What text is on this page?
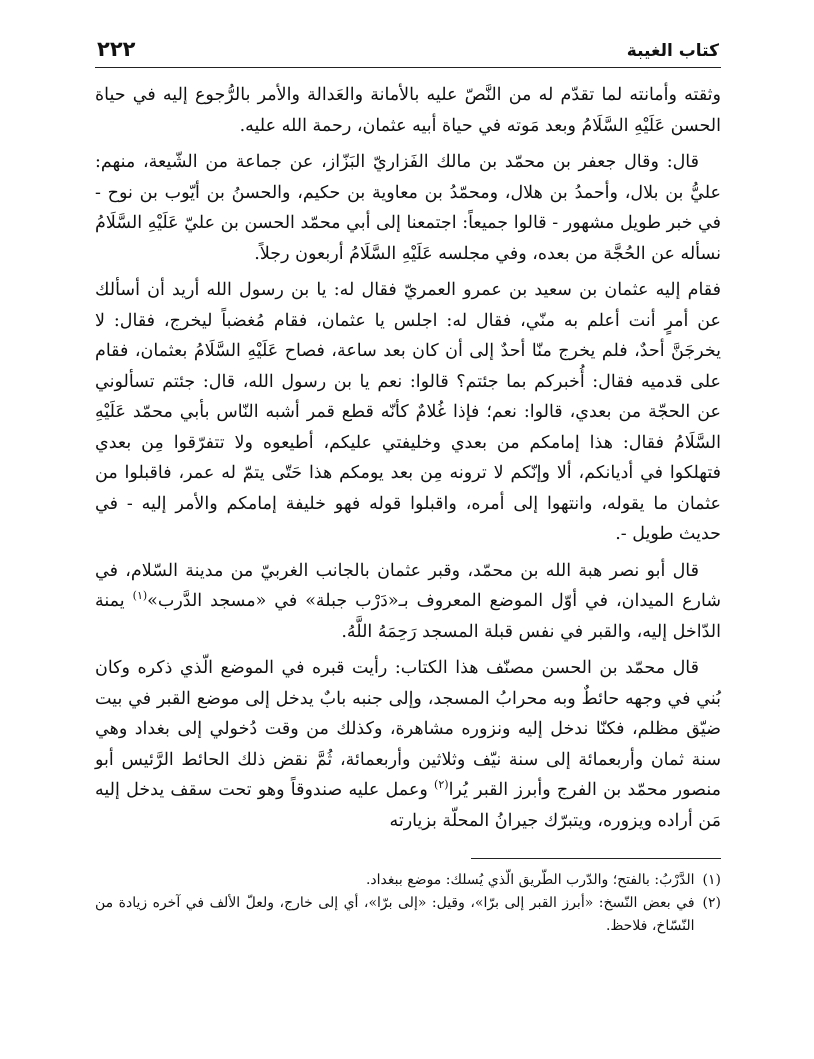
كتاب الغيبة
٢٢٢

وثقته وأمانته لما تقدّم له من النَّصّ عليه بالأمانة والعَدالة والأمر بالرُّجوع إليه في حياة الحسن عَلَيْهِ السَّلَامُ وبعد مَوته في حياة أبيه عثمان، رحمة الله عليه.

قال: وقال جعفر بن محمّد بن مالك الفَزاريّ البَزّاز، عن جماعة من الشّيعة، منهم: عليُّ بن بلال، وأحمدُ بن هلال، ومحمّدُ بن معاوية بن حكيم، والحسنُ بن أيّوب بن نوح - في خبر طويل مشهور - قالوا جميعاً: اجتمعنا إلى أبي محمّد الحسن بن عليّ عَلَيْهِ السَّلَامُ نسأله عن الحُجَّة من بعده، وفي مجلسه عَلَيْهِ السَّلَامُ أربعون رجلاً.

فقام إليه عثمان بن سعيد بن عمرو العمريّ فقال له: يا بن رسول الله أريد أن أسألك عن أمرٍ أنت أعلم به منّي، فقال له: اجلس يا عثمان، فقام مُغضباً ليخرج، فقال: لا يخرجَنَّ أحدٌ، فلم يخرج منّا أحدٌ إلى أن كان بعد ساعة، فصاح عَلَيْهِ السَّلَامُ بعثمان، فقام على قدميه فقال: أُخبركم بما جئتم؟ قالوا: نعم يا بن رسول الله، قال: جئتم تسألوني عن الحجّة من بعدي، قالوا: نعم؛ فإذا غُلامٌ كأنّه قطع قمر أشبه النّاس بأبي محمّد عَلَيْهِ السَّلَامُ فقال: هذا إمامكم من بعدي وخليفتي عليكم، أطيعوه ولا تتفرّقوا مِن بعدي فتهلكوا في أديانكم، ألا وإنّكم لا ترونه مِن بعد يومكم هذا حَتّى يتمّ له عمر، فاقبلوا من عثمان ما يقوله، وانتهوا إلى أمره، واقبلوا قوله فهو خليفة إمامكم والأمر إليه - في حديث طويل -.

قال أبو نصر هبة الله بن محمّد، وقبر عثمان بالجانب الغربيّ من مدينة السّلام، في شارع الميدان، في أوّل الموضع المعروف بـ«دَرْب جبلة» في «مسجد الدَّرب»$^{(١)}$ يمنة الدّاخل إليه، والقبر في نفس قبلة المسجد رَحِمَهُ اللَّهُ.

قال محمّد بن الحسن مصنّف هذا الكتاب: رأيت قبره في الموضع الّذي ذكره وكان بُني في وجهه حائطٌ وبه محرابُ المسجد، وإلى جنبه بابٌ يدخل إلى موضع القبر في بيت ضيّق مظلم، فكنّا ندخل إليه ونزوره مشاهرة، وكذلك من وقت دُخولي إلى بغداد وهي سنة ثمان وأربعمائة إلى سنة نيّف وثلاثين وأربعمائة، ثُمَّ نقض ذلك الحائط الرَّئيس أبو منصور محمّد بن الفرج وأبرز القبر يُرا$^{(٢)}$ وعمل عليه صندوقاً وهو تحت سقف يدخل إليه مَن أراده ويزوره، ويتبرّك جيرانُ المحلّة بزيارته

(١)
الدَّرْبُ: بالفتح؛ والدّرب الطّريق الّذي يُسلك: موضع ببغداد.

(٢)
في بعض النّسخ: «أبرز القبر إلى برّا»، وقيل: «إلى برّا»، أي إلى خارج، ولعلّ الألف في آخره زيادة من النّسّاخ، فلاحظ.
